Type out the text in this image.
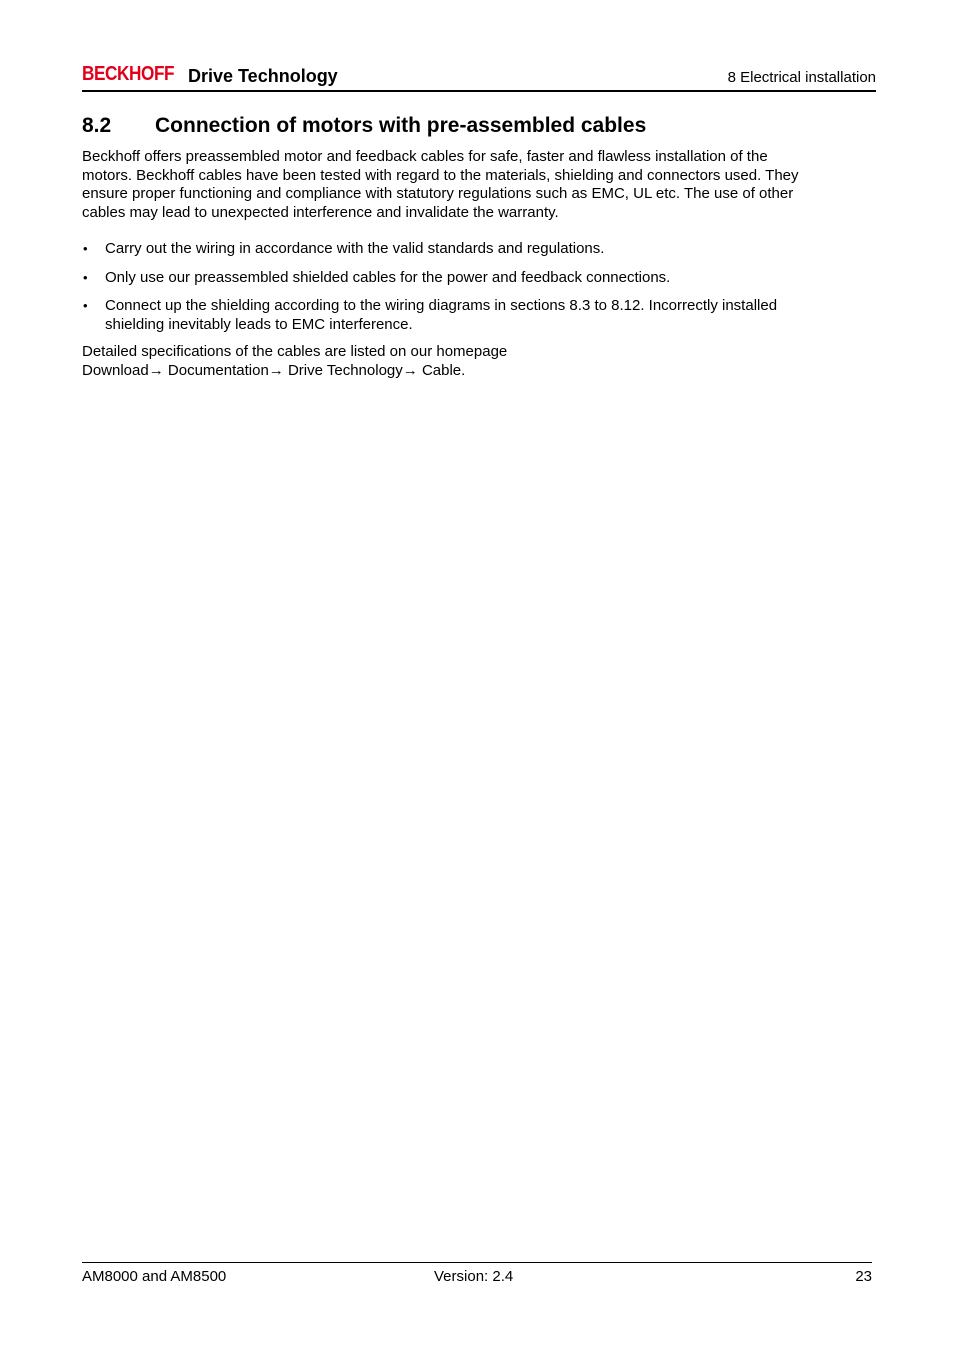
BECKHOFF Drive Technology	8 Electrical installation
8.2 Connection of motors with pre-assembled cables

Beckhoff offers preassembled motor and feedback cables for safe, faster and flawless installation of the
motors. Beckhoff cables have been tested with regard to the materials, shielding and connectors used. They
ensure proper functioning and compliance with statutory regulations such as EMC, UL etc. The use of other
cables may lead to unexpected interference and invalidate the warranty.

• Carry out the wiring in accordance with the valid standards and regulations.
• Only use our preassembled shielded cables for the power and feedback connections.
• Connect up the shielding according to the wiring diagrams in sections 8.3 to 8.12. Incorrectly installed
shielding inevitably leads to EMC interference.

Detailed specifications of the cables are listed on our homepage
Download→ Documentation→ Drive Technology→ Cable.

AM8000 and AM8500	Version: 2.4	23
